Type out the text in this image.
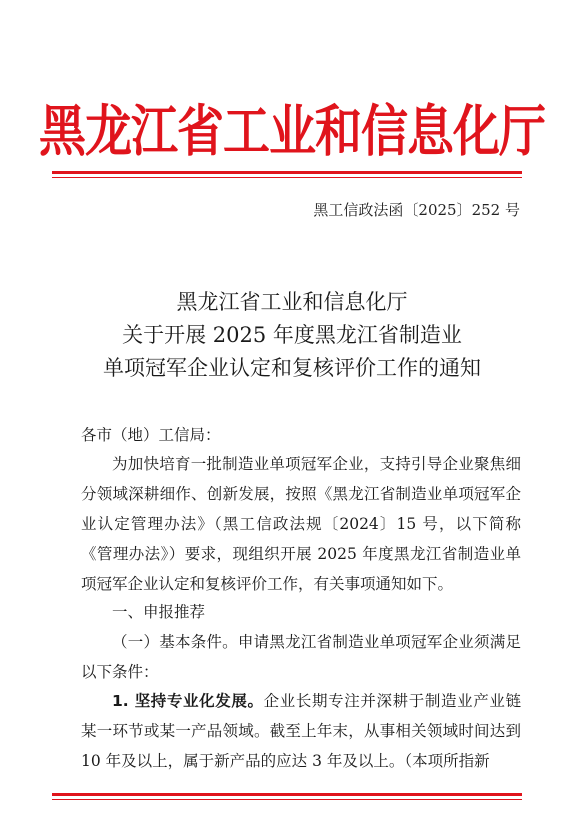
黑龙江省工业和信息化厅
黑工信政法函〔2025〕252 号
黑龙江省工业和信息化厅
关于开展 2025 年度黑龙江省制造业
单项冠军企业认定和复核评价工作的通知
各市（地）工信局：

为加快培育一批制造业单项冠军企业，支持引导企业聚焦细分领域深耕细作、创新发展，按照《黑龙江省制造业单项冠军企业认定管理办法》（黑工信政法规〔2024〕15 号，以下简称《管理办法》）要求，现组织开展 2025 年度黑龙江省制造业单项冠军企业认定和复核评价工作，有关事项通知如下。

一、申报推荐

（一）基本条件。申请黑龙江省制造业单项冠军企业须满足以下条件：

1. 坚持专业化发展。企业长期专注并深耕于制造业产业链某一环节或某一产品领域。截至上年末，从事相关领域时间达到 10 年及以上，属于新产品的应达 3 年及以上。（本项所指新
